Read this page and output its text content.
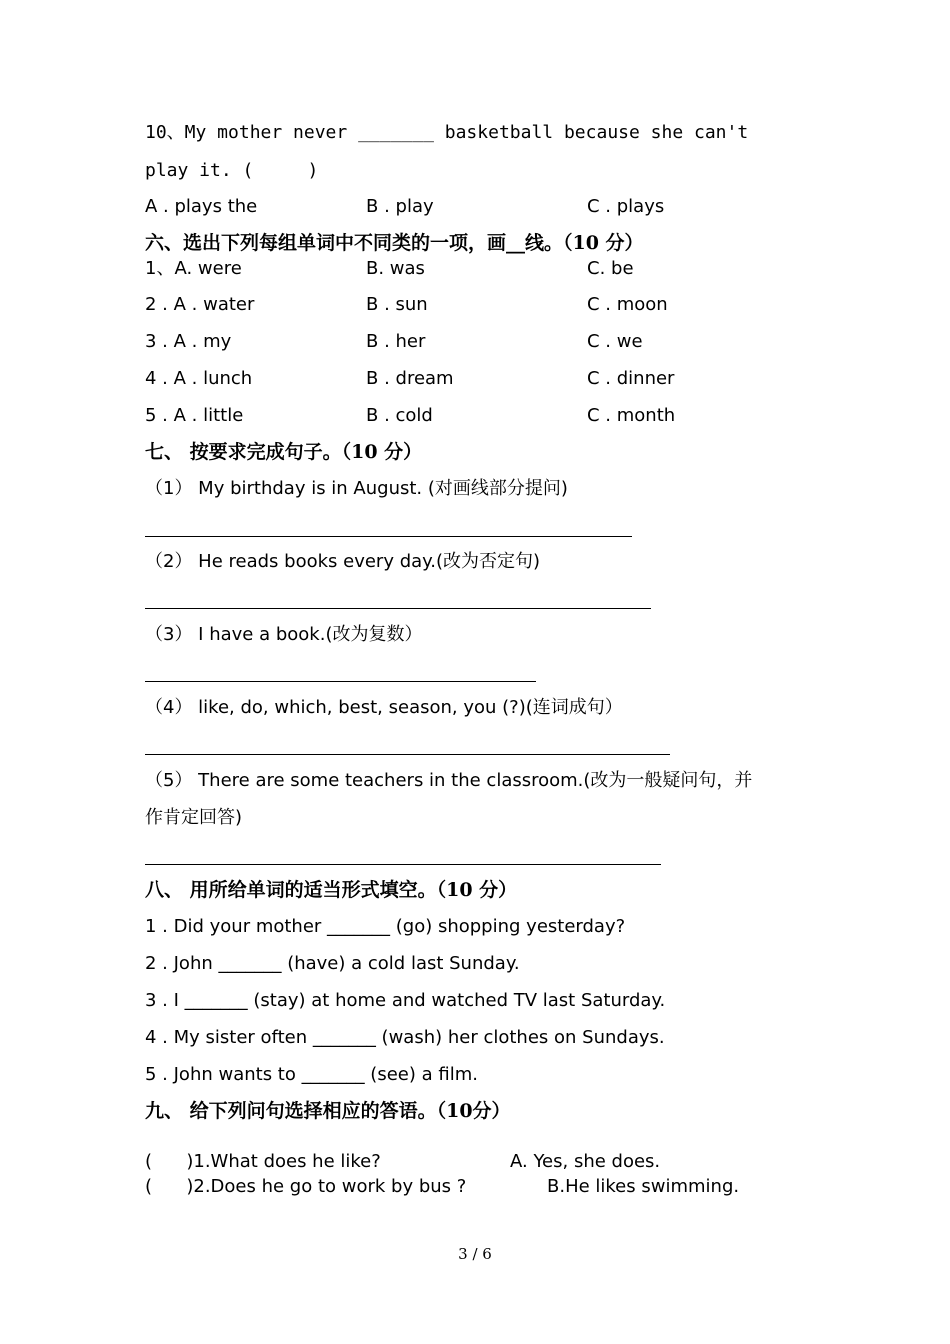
10、My mother never _______ basketball because she can't
play it. (     )
A . plays the	B . play	C . plays
六、选出下列每组单词中不同类的一项，画__线。（10 分）
1、A. were	B. was	C. be
2 . A . water	B . sun	C . moon
3 . A . my	B . her	C . we
4 . A . lunch	B . dream	C . dinner
5 . A . little	B . cold	C . month
七、 按要求完成句子。（10 分）
（1） My birthday is in August. (对画线部分提问)
（2） He reads books every day.(改为否定句)
（3） I have a book.(改为复数）
（4） like, do, which, best, season, you (?)(连词成句）
（5） There are some teachers in the classroom.(改为一般疑问句，并
作肯定回答)
八、 用所给单词的适当形式填空。（10 分）
1 . Did your mother _______ (go) shopping yesterday?
2 . John _______ (have) a cold last Sunday.
3 . I _______ (stay) at home and watched TV last Saturday.
4 . My sister often _______ (wash) her clothes on Sundays.
5 . John wants to _______ (see) a film.
九、 给下列问句选择相应的答语。（10分）
(      )1.What does he like?	A. Yes, she does.
(      )2.Does he go to work by bus ?	B.He likes swimming.
3 / 6
